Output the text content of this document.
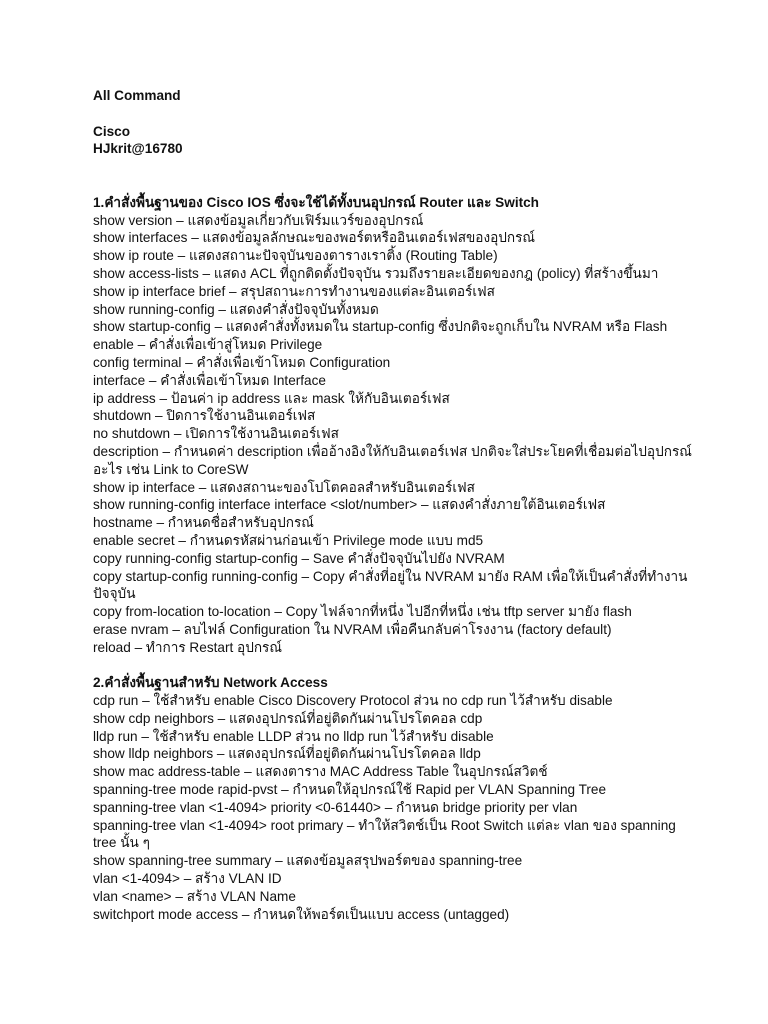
All Command
Cisco
HJkrit@16780
1.คำสั่งพื้นฐานของ Cisco IOS ซึ่งจะใช้ได้ทั้งบนอุปกรณ์ Router และ Switch
show version – แสดงข้อมูลเกี่ยวกับเฟิร์มแวร์ของอุปกรณ์
show interfaces – แสดงข้อมูลลักษณะของพอร์ตหรืออินเตอร์เฟสของอุปกรณ์
show ip route – แสดงสถานะปัจจุบันของตารางเราติ้ง (Routing Table)
show access-lists – แสดง ACL ที่ถูกติดตั้งปัจจุบัน รวมถึงรายละเอียดของกฎ (policy) ที่สร้างขึ้นมา
show ip interface brief – สรุปสถานะการทำงานของแต่ละอินเตอร์เฟส
show running-config – แสดงคำสั่งปัจจุบันทั้งหมด
show startup-config – แสดงคำสั่งทั้งหมดใน startup-config ซึ่งปกติจะถูกเก็บใน NVRAM หรือ Flash
enable – คำสั่งเพื่อเข้าสู่โหมด Privilege
config terminal – คำสั่งเพื่อเข้าโหมด Configuration
interface – คำสั่งเพื่อเข้าโหมด Interface
ip address – ป้อนค่า ip address และ mask ให้กับอินเตอร์เฟส
shutdown – ปิดการใช้งานอินเตอร์เฟส
no shutdown – เปิดการใช้งานอินเตอร์เฟส
description – กำหนดค่า description เพื่ออ้างอิงให้กับอินเตอร์เฟส ปกติจะใส่ประโยคที่เชื่อมต่อไปอุปกรณ์อะไร เช่น Link to CoreSW
show ip interface – แสดงสถานะของโปโตคอลสำหรับอินเตอร์เฟส
show running-config interface interface <slot/number> – แสดงคำสั่งภายใต้อินเตอร์เฟส
hostname – กำหนดชื่อสำหรับอุปกรณ์
enable secret – กำหนดรหัสผ่านก่อนเข้า Privilege mode แบบ md5
copy running-config startup-config – Save คำสั่งปัจจุบันไปยัง NVRAM
copy startup-config running-config – Copy คำสั่งที่อยู่ใน NVRAM มายัง RAM เพื่อให้เป็นคำสั่งที่ทำงานปัจจุบัน
copy from-location to-location – Copy ไฟล์จากที่หนึ่ง ไปอีกที่หนึ่ง เช่น tftp server มายัง flash
erase nvram – ลบไฟล์ Configuration ใน NVRAM เพื่อคืนกลับค่าโรงงาน (factory default)
reload – ทำการ Restart อุปกรณ์
2.คำสั่งพื้นฐานสำหรับ Network Access
cdp run – ใช้สำหรับ enable Cisco Discovery Protocol ส่วน no cdp run ไว้สำหรับ disable
show cdp neighbors – แสดงอุปกรณ์ที่อยู่ติดกันผ่านโปรโตคอล cdp
lldp run – ใช้สำหรับ enable LLDP ส่วน no lldp run ไว้สำหรับ disable
show lldp neighbors – แสดงอุปกรณ์ที่อยู่ติดกันผ่านโปรโตคอล lldp
show mac address-table – แสดงตาราง MAC Address Table ในอุปกรณ์สวิตช์
spanning-tree mode rapid-pvst – กำหนดให้อุปกรณ์ใช้ Rapid per VLAN Spanning Tree
spanning-tree vlan <1-4094> priority <0-61440> – กำหนด bridge priority per vlan
spanning-tree vlan <1-4094> root primary – ทำให้สวิตช์เป็น Root Switch แต่ละ vlan ของ spanning tree นั้น ๆ
show spanning-tree summary – แสดงข้อมูลสรุปพอร์ตของ spanning-tree
vlan <1-4094> – สร้าง VLAN ID
vlan <name> – สร้าง VLAN Name
switchport mode access – กำหนดให้พอร์ตเป็นแบบ access (untagged)
